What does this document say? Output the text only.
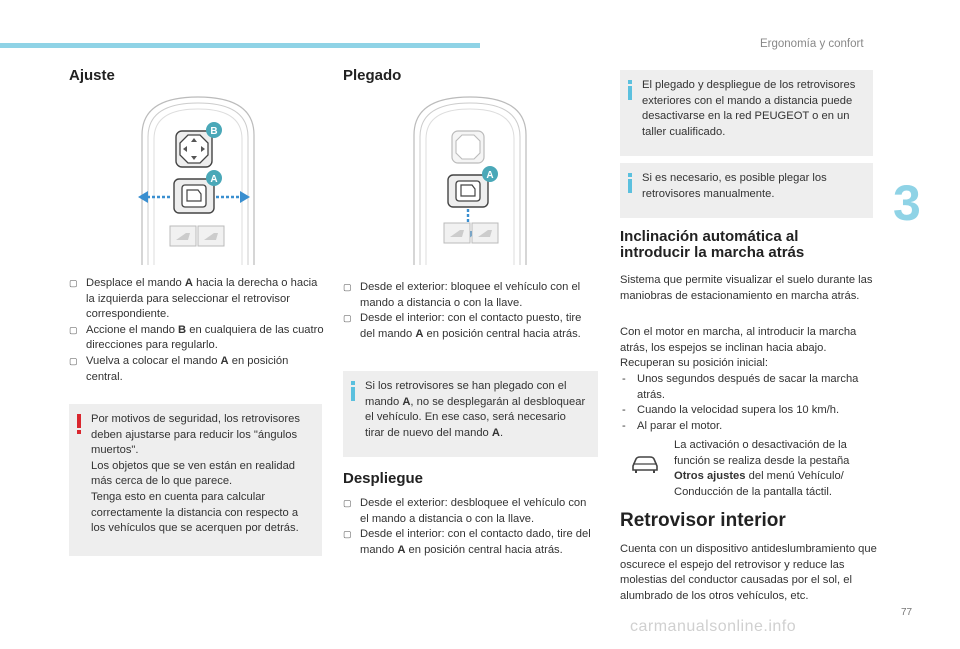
Ergonomía y confort
3
Ajuste
B
A
▢ Desplace el mando A hacia la derecha o hacia la izquierda para seleccionar el retrovisor correspondiente.
▢ Accione el mando B en cualquiera de las cuatro direcciones para regularlo.
▢ Vuelva a colocar el mando A en posición central.
Por motivos de seguridad, los retrovisores deben ajustarse para reducir los "ángulos muertos".
Los objetos que se ven están en realidad más cerca de lo que parece.
Tenga esto en cuenta para calcular correctamente la distancia con respecto a los vehículos que se acerquen por detrás.
Plegado
A
▢ Desde el exterior: bloquee el vehículo con el mando a distancia o con la llave.
▢ Desde el interior: con el contacto puesto, tire del mando A en posición central hacia atrás.
Si los retrovisores se han plegado con el mando A, no se desplegarán al desbloquear el vehículo. En ese caso, será necesario tirar de nuevo del mando A.
Despliegue
▢ Desde el exterior: desbloquee el vehículo con el mando a distancia o con la llave.
▢ Desde el interior: con el contacto dado, tire del mando A en posición central hacia atrás.
El plegado y despliegue de los retrovisores exteriores con el mando a distancia puede desactivarse en la red PEUGEOT o en un taller cualificado.
Si es necesario, es posible plegar los retrovisores manualmente.
Inclinación automática al
introducir la marcha atrás
Sistema que permite visualizar el suelo durante las maniobras de estacionamiento en marcha atrás.
Con el motor en marcha, al introducir la marcha atrás, los espejos se inclinan hacia abajo.
Recuperan su posición inicial:
- Unos segundos después de sacar la marcha atrás.
- Cuando la velocidad supera los 10 km/h.
- Al parar el motor.
La activación o desactivación de la función se realiza desde la pestaña Otros ajustes del menú Vehículo/ Conducción de la pantalla táctil.
Retrovisor interior
Cuenta con un dispositivo antideslumbramiento que oscurece el espejo del retrovisor y reduce las molestias del conductor causadas por el sol, el alumbrado de los otros vehículos, etc.
77
carmanualsonline.info
